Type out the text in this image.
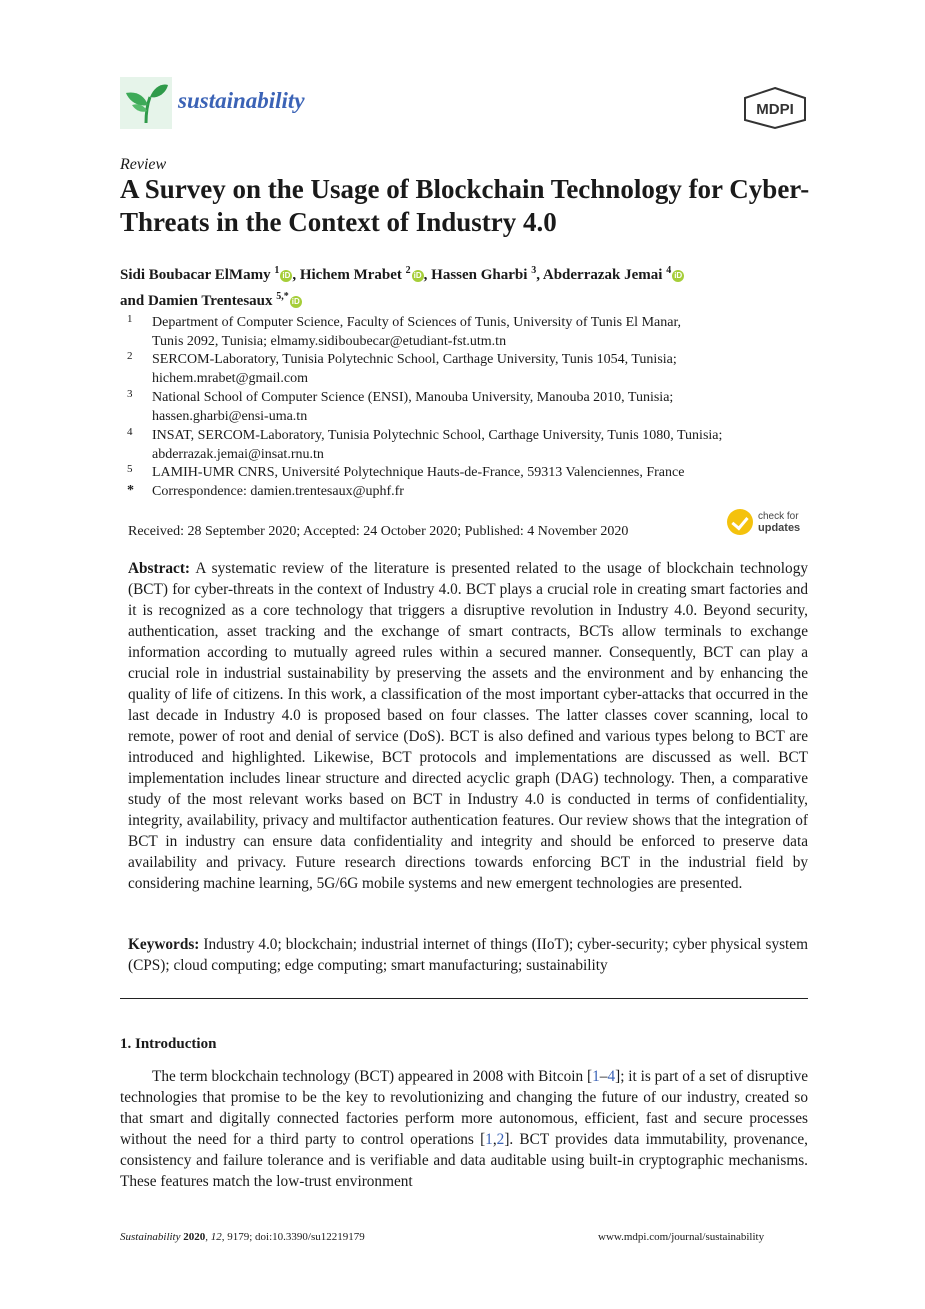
sustainability	MDPI
Review
A Survey on the Usage of Blockchain Technology for Cyber-Threats in the Context of Industry 4.0
Sidi Boubacar ElMamy $^1$ iD , Hichem Mrabet $^2$ iD , Hassen Gharbi $^3$, Abderrazak Jemai $^4$ iD
and Damien Trentesaux $^{5,*}$ iD
1 Department of Computer Science, Faculty of Sciences of Tunis, University of Tunis El Manar,
Tunis 2092, Tunisia; elmamy.sidiboubecar@etudiant-fst.utm.tn
2 SERCOM-Laboratory, Tunisia Polytechnic School, Carthage University, Tunis 1054, Tunisia;
hichem.mrabet@gmail.com
3 National School of Computer Science (ENSI), Manouba University, Manouba 2010, Tunisia;
hassen.gharbi@ensi-uma.tn
4 INSAT, SERCOM-Laboratory, Tunisia Polytechnic School, Carthage University, Tunis 1080, Tunisia;
abderrazak.jemai@insat.rnu.tn
5 LAMIH-UMR CNRS, Université Polytechnique Hauts-de-France, 59313 Valenciennes, France
* Correspondence: damien.trentesaux@uphf.fr
Received: 28 September 2020; Accepted: 24 October 2020; Published: 4 November 2020
check for
updates
Abstract: A systematic review of the literature is presented related to the usage of blockchain technology (BCT) for cyber-threats in the context of Industry 4.0. BCT plays a crucial role in creating smart factories and it is recognized as a core technology that triggers a disruptive revolution in Industry 4.0. Beyond security, authentication, asset tracking and the exchange of smart contracts, BCTs allow terminals to exchange information according to mutually agreed rules within a secured manner. Consequently, BCT can play a crucial role in industrial sustainability by preserving the assets and the environment and by enhancing the quality of life of citizens. In this work, a classification of the most important cyber-attacks that occurred in the last decade in Industry 4.0 is proposed based on four classes. The latter classes cover scanning, local to remote, power of root and denial of service (DoS). BCT is also defined and various types belong to BCT are introduced and highlighted. Likewise, BCT protocols and implementations are discussed as well. BCT implementation includes linear structure and directed acyclic graph (DAG) technology. Then, a comparative study of the most relevant works based on BCT in Industry 4.0 is conducted in terms of confidentiality, integrity, availability, privacy and multifactor authentication features. Our review shows that the integration of BCT in industry can ensure data confidentiality and integrity and should be enforced to preserve data availability and privacy. Future research directions towards enforcing BCT in the industrial field by considering machine learning, 5G/6G mobile systems and new emergent technologies are presented.
Keywords: Industry 4.0; blockchain; industrial internet of things (IIoT); cyber-security; cyber physical system (CPS); cloud computing; edge computing; smart manufacturing; sustainability
1. Introduction
The term blockchain technology (BCT) appeared in 2008 with Bitcoin [1–4]; it is part of a set of disruptive technologies that promise to be the key to revolutionizing and changing the future of our industry, created so that smart and digitally connected factories perform more autonomous, efficient, fast and secure processes without the need for a third party to control operations [1,2]. BCT provides data immutability, provenance, consistency and failure tolerance and is verifiable and data auditable using built-in cryptographic mechanisms. These features match the low-trust environment
Sustainability 2020, 12, 9179; doi:10.3390/su12219179	www.mdpi.com/journal/sustainability
